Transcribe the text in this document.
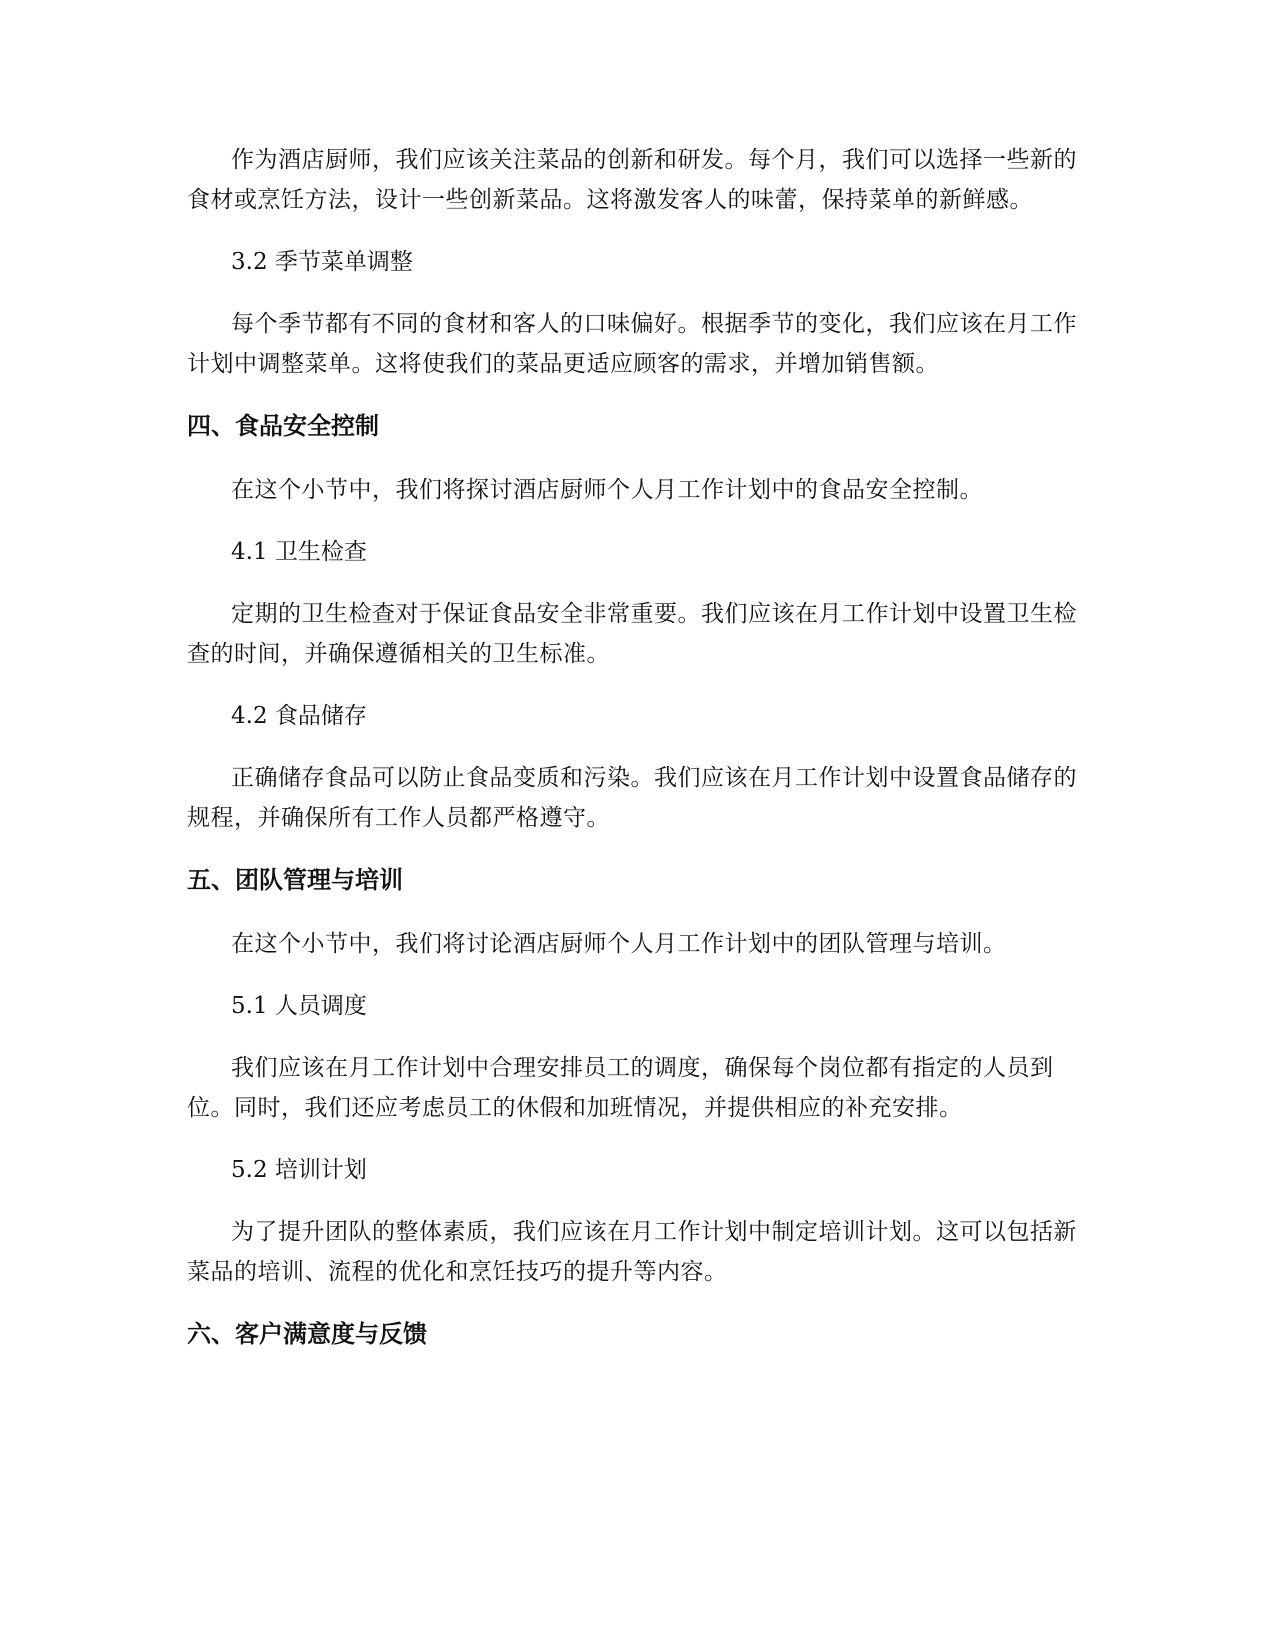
作为酒店厨师，我们应该关注菜品的创新和研发。每个月，我们可以选择一些新的食材或烹饪方法，设计一些创新菜品。这将激发客人的味蕾，保持菜单的新鲜感。

3.2 季节菜单调整

每个季节都有不同的食材和客人的口味偏好。根据季节的变化，我们应该在月工作计划中调整菜单。这将使我们的菜品更适应顾客的需求，并增加销售额。

四、食品安全控制

在这个小节中，我们将探讨酒店厨师个人月工作计划中的食品安全控制。

4.1 卫生检查

定期的卫生检查对于保证食品安全非常重要。我们应该在月工作计划中设置卫生检查的时间，并确保遵循相关的卫生标准。

4.2 食品储存

正确储存食品可以防止食品变质和污染。我们应该在月工作计划中设置食品储存的规程，并确保所有工作人员都严格遵守。

五、团队管理与培训

在这个小节中，我们将讨论酒店厨师个人月工作计划中的团队管理与培训。

5.1 人员调度

我们应该在月工作计划中合理安排员工的调度，确保每个岗位都有指定的人员到位。同时，我们还应考虑员工的休假和加班情况，并提供相应的补充安排。

5.2 培训计划

为了提升团队的整体素质，我们应该在月工作计划中制定培训计划。这可以包括新菜品的培训、流程的优化和烹饪技巧的提升等内容。

六、客户满意度与反馈
